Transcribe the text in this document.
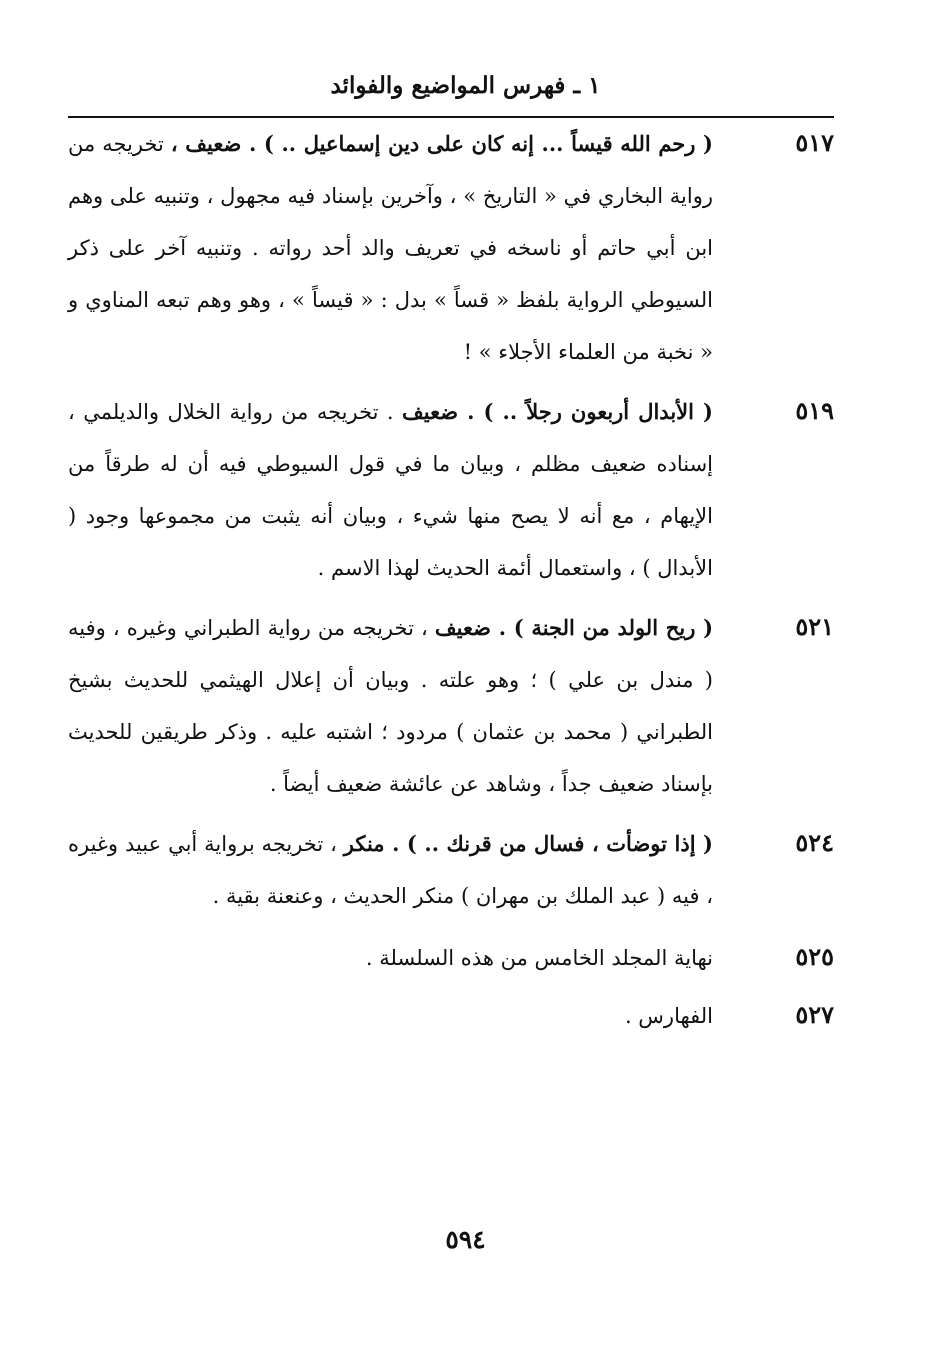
١ ـ فهرس المواضيع والفوائد
٥١٧
( رحم الله قيساً ... إنه كان على دين إسماعيل .. ) . ضعيف ، تخريجه من رواية البخاري في « التاريخ » ، وآخرين بإسناد فيه مجهول ، وتنبيه على وهم ابن أبي حاتم أو ناسخه في تعريف والد أحد رواته . وتنبيه آخر على ذكر السيوطي الرواية بلفظ « قساً » بدل : « قيساً » ، وهو وهم تبعه المناوي و « نخبة من العلماء الأجلاء » !
٥١٩
( الأبدال أربعون رجلاً .. ) . ضعيف . تخريجه من رواية الخلال والديلمي ، إسناده ضعيف مظلم ، وبيان ما في قول السيوطي فيه أن له طرقاً من الإيهام ، مع أنه لا يصح منها شيء ، وبيان أنه يثبت من مجموعها وجود ( الأبدال ) ، واستعمال أئمة الحديث لهذا الاسم .
٥٢١
( ريح الولد من الجنة ) . ضعيف ، تخريجه من رواية الطبراني وغيره ، وفيه ( مندل بن علي ) ؛ وهو علته . وبيان أن إعلال الهيثمي للحديث بشيخ الطبراني ( محمد بن عثمان ) مردود ؛ اشتبه عليه . وذكر طريقين للحديث بإسناد ضعيف جداً ، وشاهد عن عائشة ضعيف أيضاً .
٥٢٤
( إذا توضأت ، فسال من قرنك .. ) . منكر ، تخريجه برواية أبي عبيد وغيره ، فيه ( عبد الملك بن مهران ) منكر الحديث ، وعنعنة بقية .
٥٢٥
نهاية المجلد الخامس من هذه السلسلة .
٥٢٧
الفهارس .
٥٩٤
